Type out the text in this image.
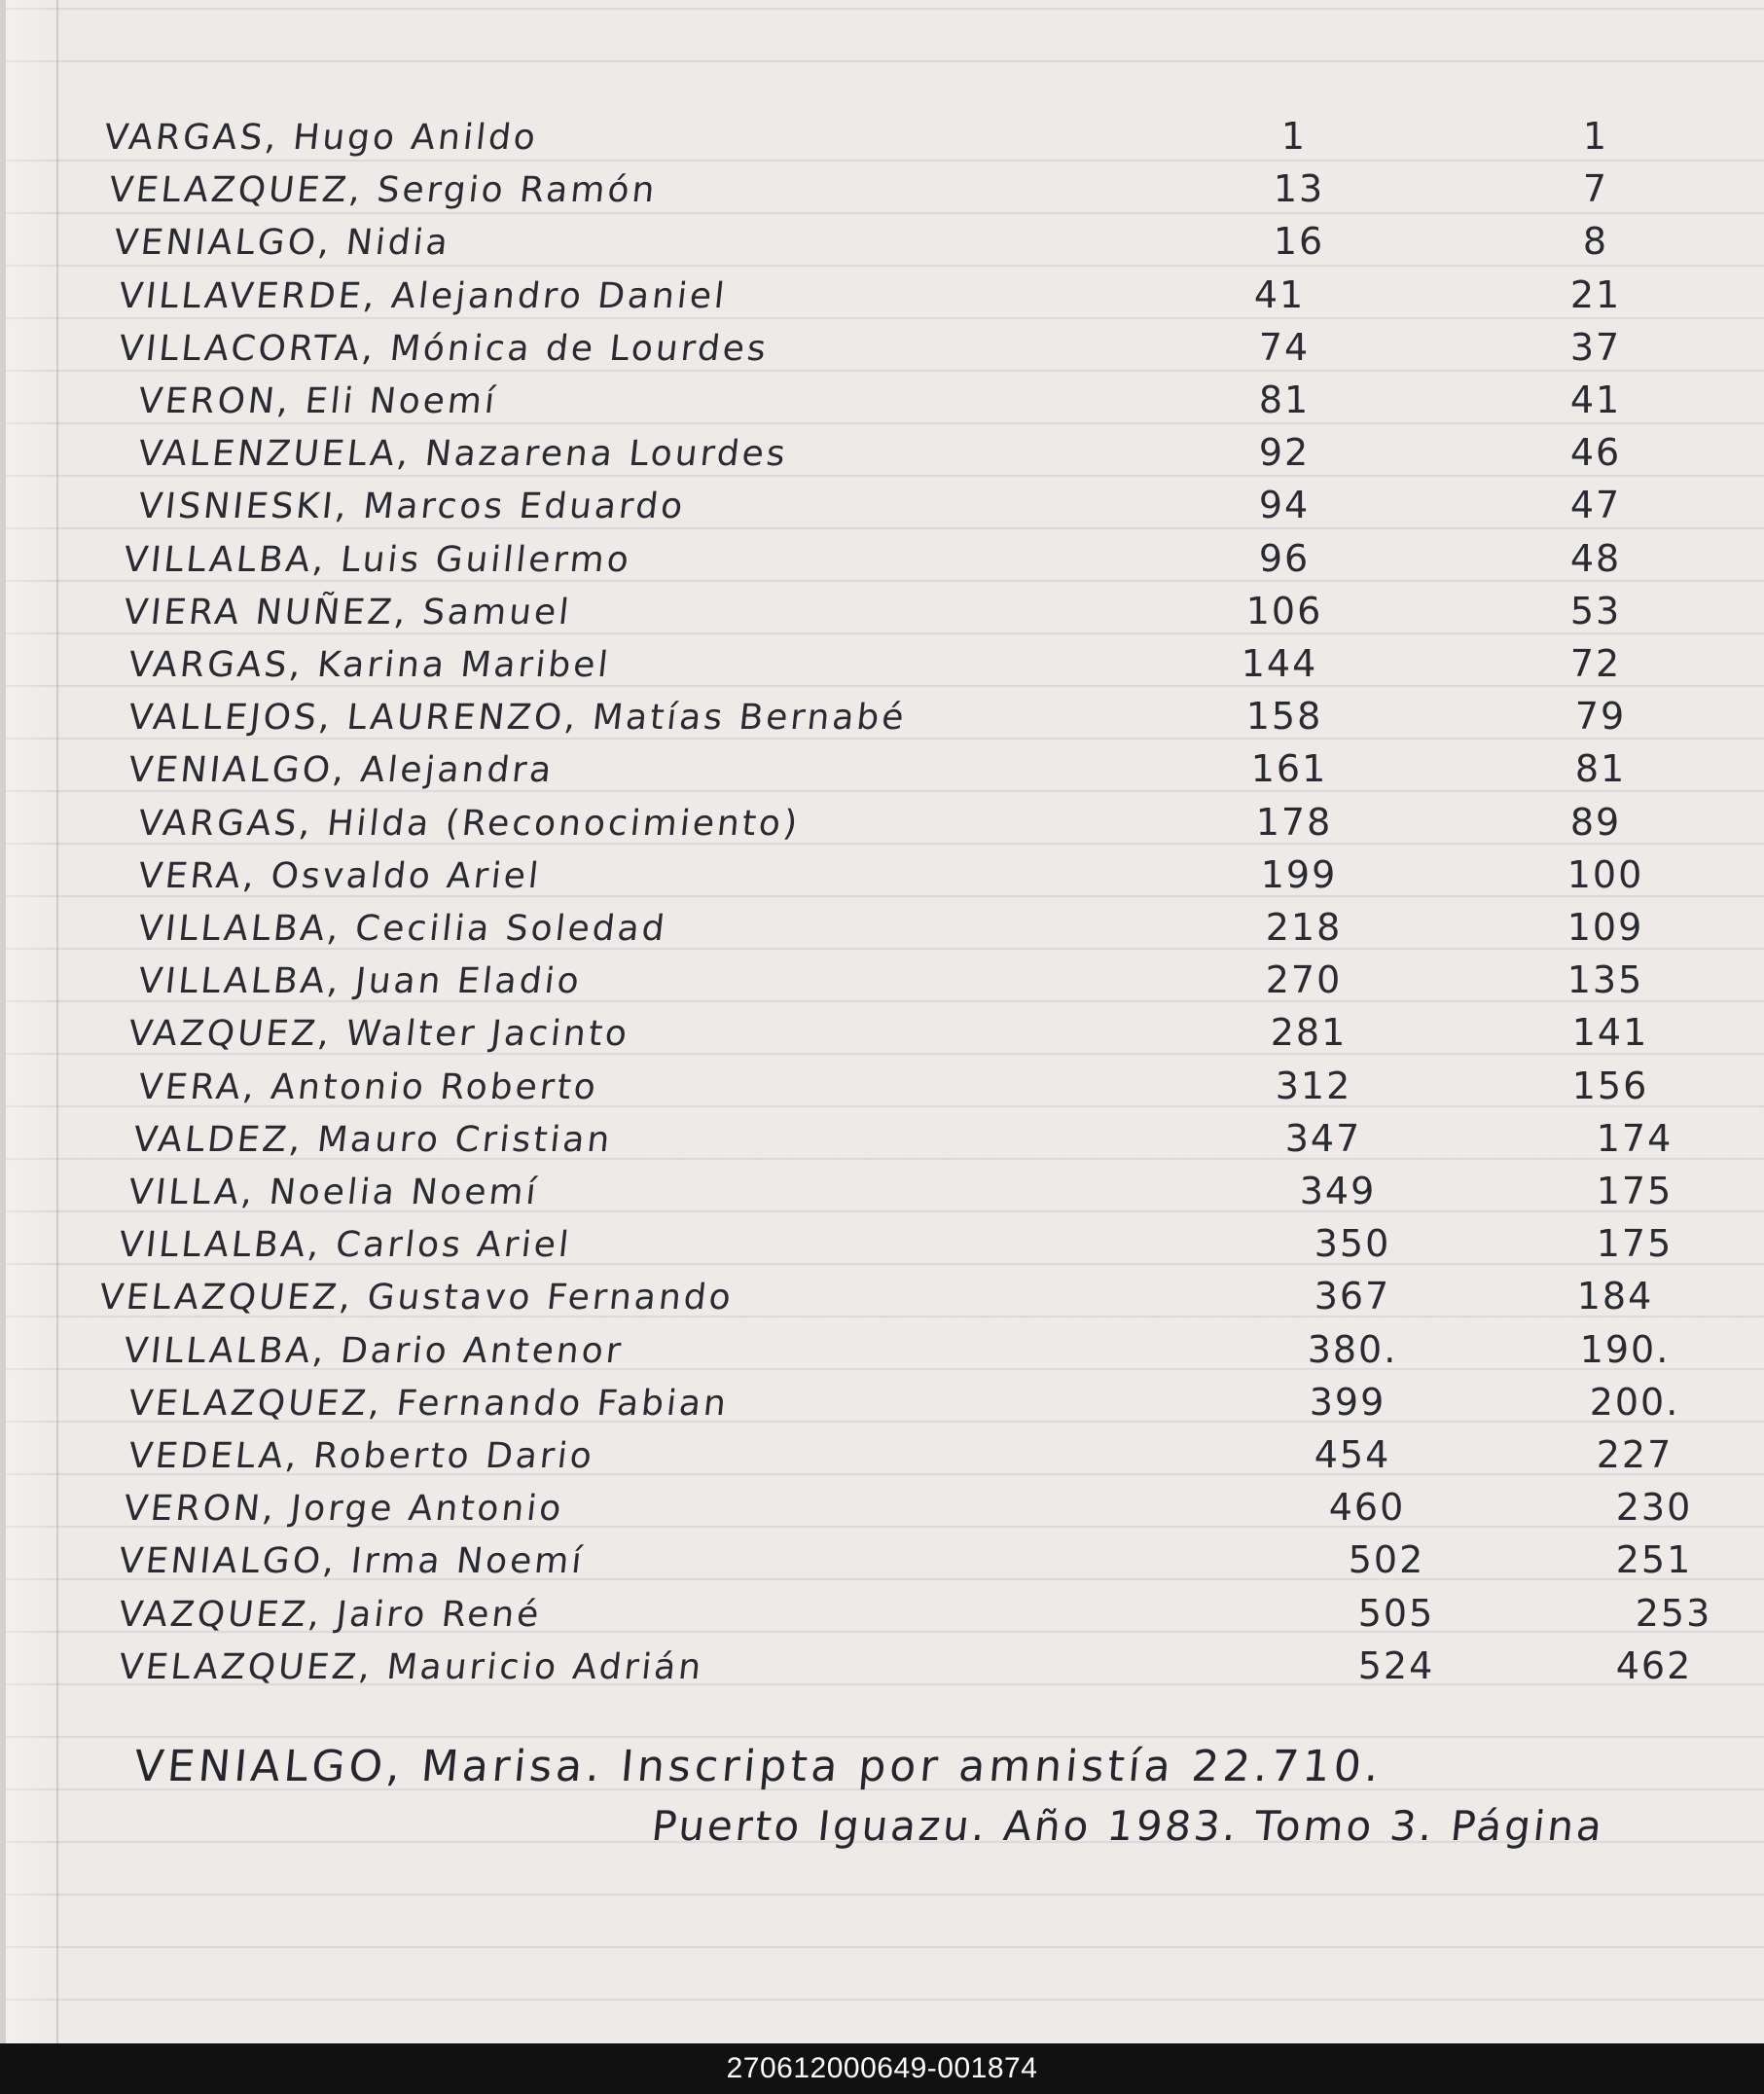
VARGAS, Hugo Anildo	1	1
VELAZQUEZ, Sergio Ramón	13	7
VENIALGO, Nidia	16	8
VILLAVERDE, Alejandro Daniel	41	21
VILLACORTA, Mónica de Lourdes	74	37
VERON, Eli Noemí	81	41
VALENZUELA, Nazarena Lourdes	92	46
VISNIESKI, Marcos Eduardo	94	47
VILLALBA, Luis Guillermo	96	48
VIERA NUÑEZ, Samuel	106	53
VARGAS, Karina Maribel	144	72
VALLEJOS, LAURENZO, Matías Bernabé	158	79
VENIALGO, Alejandra	161	81
VARGAS, Hilda (Reconocimiento)	178	89
VERA, Osvaldo Ariel	199	100
VILLALBA, Cecilia Soledad	218	109
VILLALBA, Juan Eladio	270	135
VAZQUEZ, Walter Jacinto	281	141
VERA, Antonio Roberto	312	156
VALDEZ, Mauro Cristian	347	174
VILLA, Noelia Noemí	349	175
VILLALBA, Carlos Ariel	350	175
VELAZQUEZ, Gustavo Fernando	367	184
VILLALBA, Dario Antenor	380.	190.
VELAZQUEZ, Fernando Fabian	399	200.
VEDELA, Roberto Dario	454	227
VERON, Jorge Antonio	460	230
VENIALGO, Irma Noemí	502	251
VAZQUEZ, Jairo René	505	253
VELAZQUEZ, Mauricio Adrián	524	462
VENIALGO, Marisa. Inscripta por amnistía 22.710.
Puerto Iguazu. Año 1983. Tomo 3. Página
270612000649-001874
